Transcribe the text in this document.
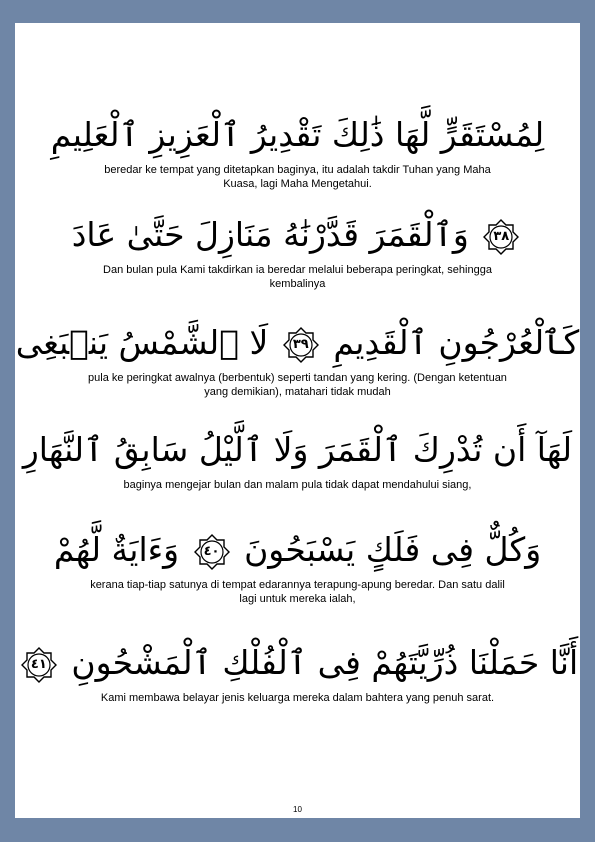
لِمُسْتَقَرٍّ لَّهَا ذَٰلِكَ تَقْدِيرُ ٱلْعَزِيزِ ٱلْعَلِيمِ
beredar ke tempat yang ditetapkan baginya, itu adalah takdir Tuhan yang Maha Kuasa, lagi Maha Mengetahui.
٣٨
وَٱلْقَمَرَ قَدَّرْنَٰهُ مَنَازِلَ حَتَّىٰ عَادَ
Dan bulan pula Kami takdirkan ia beredar melalui beberapa peringkat, sehingga kembalinya
كَٱلْعُرْجُونِ ٱلْقَدِيمِ
٣٩
لَا ٱلشَّمْسُ يَنۢبَغِى
pula ke peringkat awalnya (berbentuk) seperti tandan yang kering. (Dengan ketentuan yang demikian), matahari tidak mudah
لَهَآ أَن تُدْرِكَ ٱلْقَمَرَ وَلَا ٱلَّيْلُ سَابِقُ ٱلنَّهَارِ
baginya mengejar bulan dan malam pula tidak dapat mendahului siang,
وَكُلٌّ فِى فَلَكٍ يَسْبَحُونَ
٤٠
وَءَايَةٌ لَّهُمْ
kerana tiap-tiap satunya di tempat edarannya terapung-apung beredar. Dan satu dalil lagi untuk mereka ialah,
أَنَّا حَمَلْنَا ذُرِّيَّتَهُمْ فِى ٱلْفُلْكِ ٱلْمَشْحُونِ
٤١
Kami membawa belayar jenis keluarga mereka dalam bahtera yang penuh sarat.
10
